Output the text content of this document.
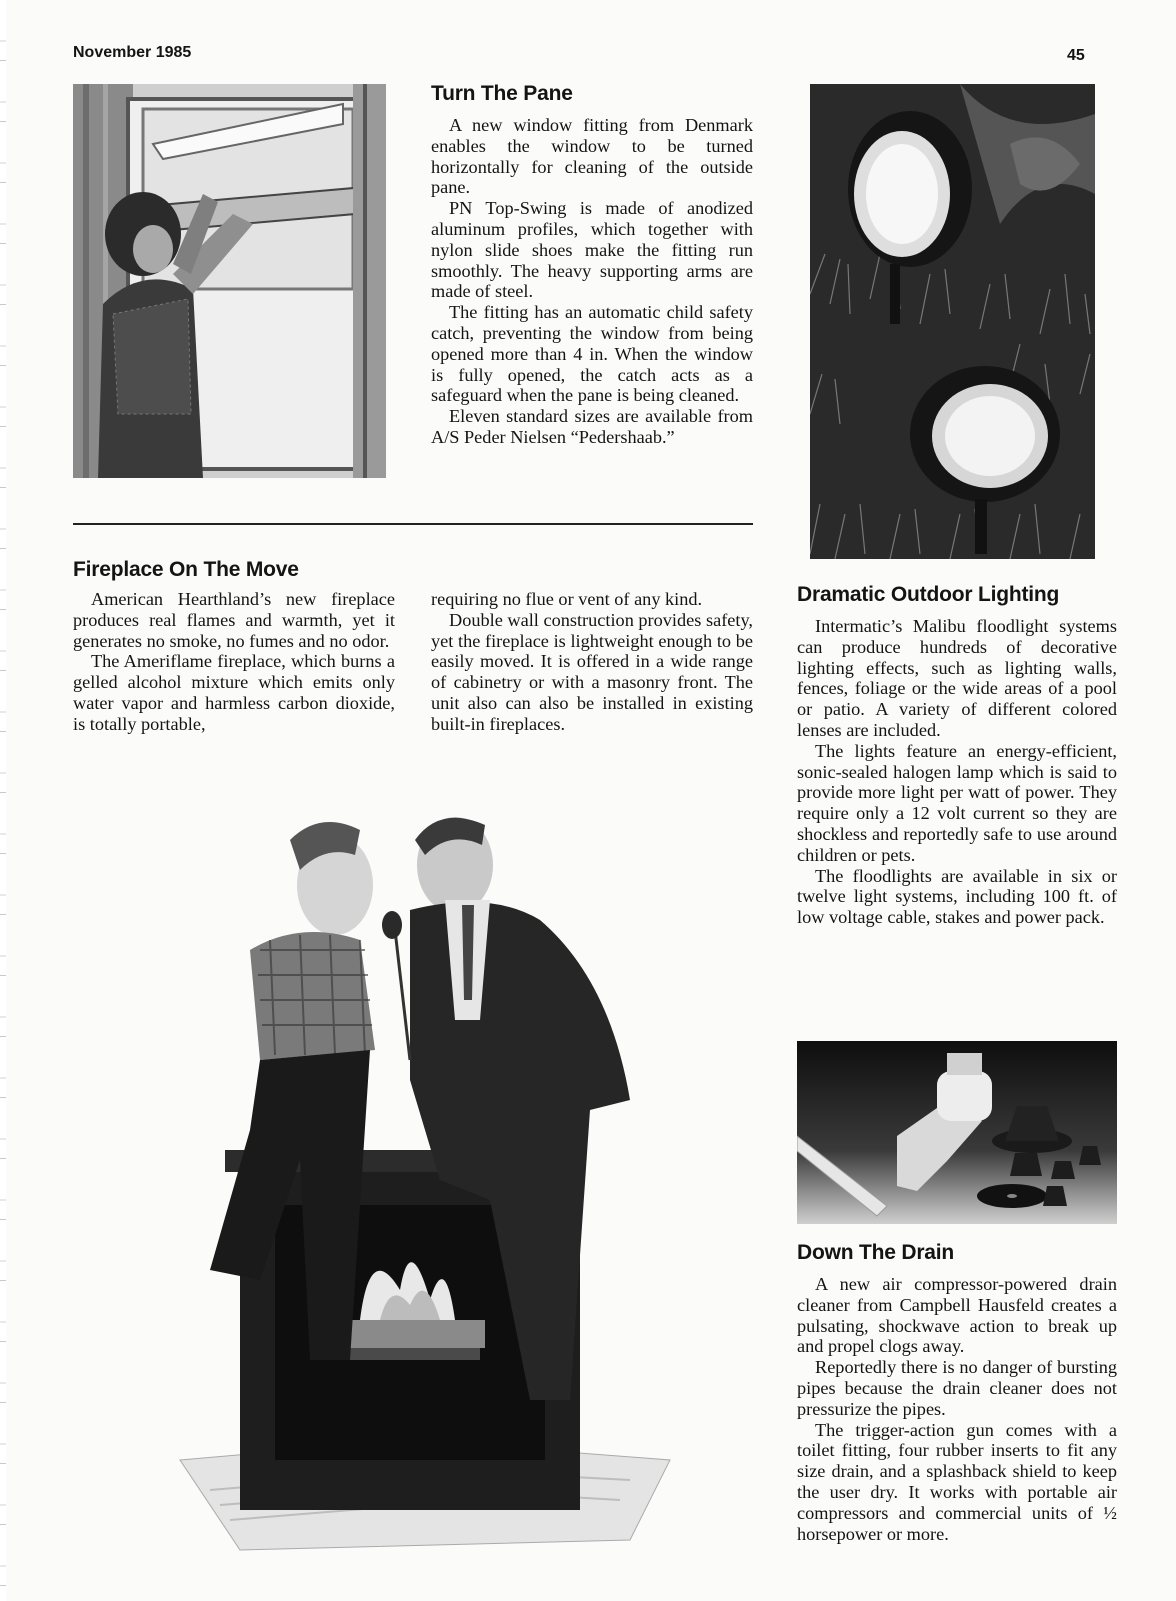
November 1985	45
Turn The Pane

A new window fitting from Denmark enables the window to be turned horizontally for cleaning of the outside pane.

PN Top-Swing is made of anodized aluminum profiles, which together with nylon slide shoes make the fitting run smoothly. The heavy supporting arms are made of steel.

The fitting has an automatic child safety catch, preventing the window from being opened more than 4 in. When the window is fully opened, the catch acts as a safeguard when the pane is being cleaned.

Eleven standard sizes are available from A/S Peder Nielsen “Pedershaab.”

Fireplace On The Move

American Hearthland’s new fireplace produces real flames and warmth, yet it generates no smoke, no fumes and no odor.

The Ameriflame fireplace, which burns a gelled alcohol mixture which emits only water vapor and harmless carbon dioxide, is totally portable,

requiring no flue or vent of any kind.

Double wall construction provides safety, yet the fireplace is lightweight enough to be easily moved. It is offered in a wide range of cabinetry or with a masonry front. The unit also can also be installed in existing built-in fireplaces.

Dramatic Outdoor Lighting

Intermatic’s Malibu floodlight systems can produce hundreds of decorative lighting effects, such as lighting walls, fences, foliage or the wide areas of a pool or patio. A variety of different colored lenses are included.

The lights feature an energy-efficient, sonic-sealed halogen lamp which is said to provide more light per watt of power. They require only a 12 volt current so they are shockless and reportedly safe to use around children or pets.

The floodlights are available in six or twelve light systems, including 100 ft. of low voltage cable, stakes and power pack.

Down The Drain

A new air compressor-powered drain cleaner from Campbell Hausfeld creates a pulsating, shockwave action to break up and propel clogs away.

Reportedly there is no danger of bursting pipes because the drain cleaner does not pressurize the pipes.

The trigger-action gun comes with a toilet fitting, four rubber inserts to fit any size drain, and a splashback shield to keep the user dry. It works with portable air compressors and commercial units of ½ horsepower or more.
